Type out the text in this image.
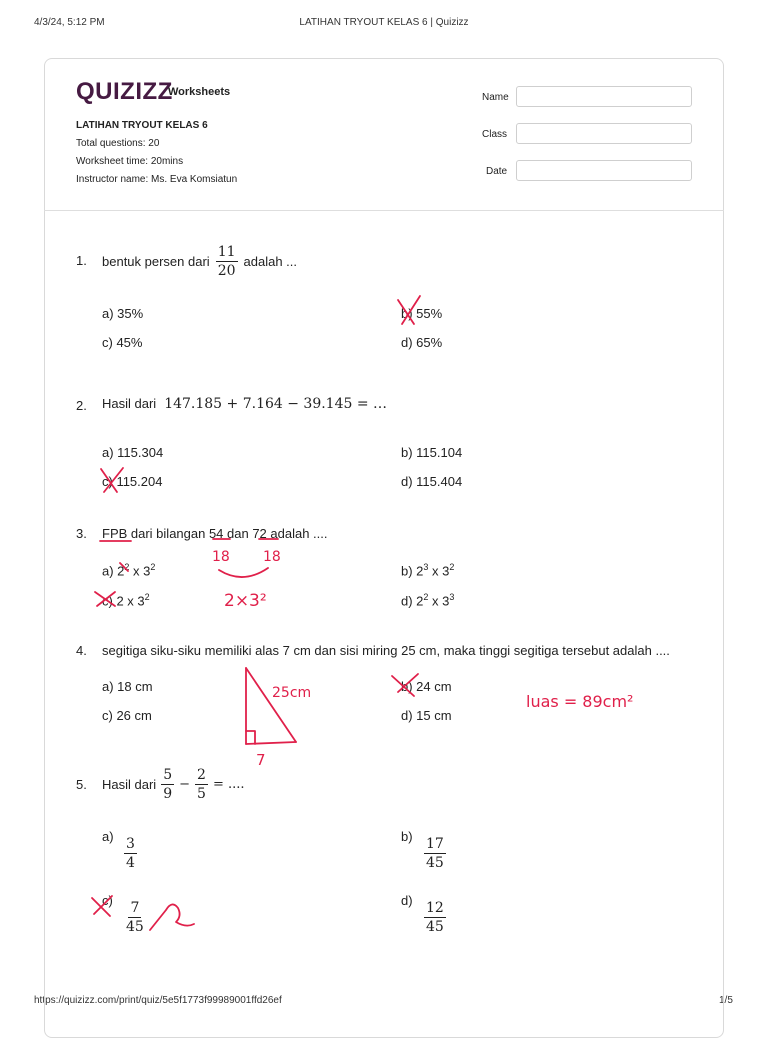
4/3/24, 5:12 PM	LATIHAN TRYOUT KELAS 6 | Quizizz
https://quizizz.com/print/quiz/5e5f1773f99989001ffd26ef	1/5
QUIZIZZ
Worksheets
LATIHAN TRYOUT KELAS 6
Total questions: 20
Worksheet time: 20mins
Instructor name: Ms. Eva Komsiatun
Name
Class
Date
1. bentuk persen dari $\frac{11}{20}$ adalah ...
a) 35%	b) 55%
c) 45%	d) 65%
2. Hasil dari 147.185 + 7.164 − 39.145 = …
a) 115.304	b) 115.104
c) 115.204	d) 115.404
3. FPB dari bilangan 54 dan 72 adalah ....
a) $2^2$ x $3^2$	b) $2^3$ x $3^2$
c) 2 x $3^2$	d) $2^2$ x $3^3$
4. segitiga siku-siku memiliki alas 7 cm dan sisi miring 25 cm, maka tinggi segitiga tersebut adalah ....
a) 18 cm	b) 24 cm
c) 26 cm	d) 15 cm
5. Hasil dari $\frac{5}{9} - \frac{2}{5}$ = ....
$a) \frac{3}{4}$	$b) \frac{17}{45}$
$c) \frac{7}{45}$	$d) \frac{12}{45}$
18 18
2×3²
25cm
7
luas = 89cm²
